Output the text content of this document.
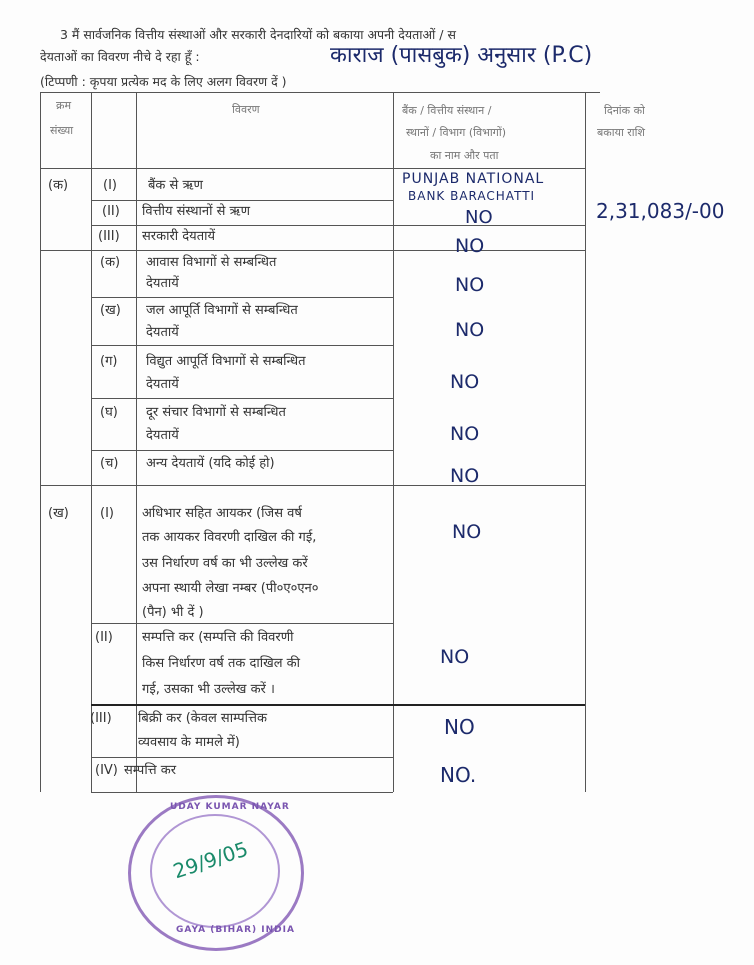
3 मैं सार्वजनिक वित्तीय संस्थाओं और सरकारी देनदारियों को बकाया अपनी देयताओं / स
देयताओं का विवरण नीचे दे रहा हूँ :	काराज (पासबुक) अनुसार (P.C)
(टिप्पणी : कृपया प्रत्येक मद के लिए अलग विवरण दें )
क्रम
संख्या
विवरण	बैंक / वित्तीय संस्थान /
स्थानों / विभाग (विभागों)
का नाम और पता
दिनांक को
बकाया राशि
(क)
(ख)
(I)
(II)
(III)
(क)
(ख)
(ग)
(घ)
(च)
(I)
(II)
(III)
(IV)
बैंक से ऋण
वित्तीय संस्थानों से ऋण
सरकारी देयतायें
आवास विभागों से सम्बन्धित
देयतायें
जल आपूर्ति विभागों से सम्बन्धित
देयतायें
विद्युत आपूर्ति विभागों से सम्बन्धित
देयतायें
दूर संचार विभागों से सम्बन्धित
देयतायें
अन्य देयतायें (यदि कोई हो)
अधिभार सहित आयकर (जिस वर्ष
तक आयकर विवरणी दाखिल की गई,
उस निर्धारण वर्ष का भी उल्लेख करें
अपना स्थायी लेखा नम्बर (पी०ए०एन०
(पैन) भी दें )
सम्पत्ति कर (सम्पत्ति की विवरणी
किस निर्धारण वर्ष तक दाखिल की
गई, उसका भी उल्लेख करें ।
बिक्री कर (केवल साम्पत्तिक
व्यवसाय के मामले में)
सम्पत्ति कर
PUNJAB NATIONAL
BANK BARACHATTI
2,31,083/-00
NO
NO
NO
NO
NO
NO
NO
NO
NO
NO
NO.
UDAY KUMAR NAYAR
GAYA (BIHAR) INDIA
29/9/05
